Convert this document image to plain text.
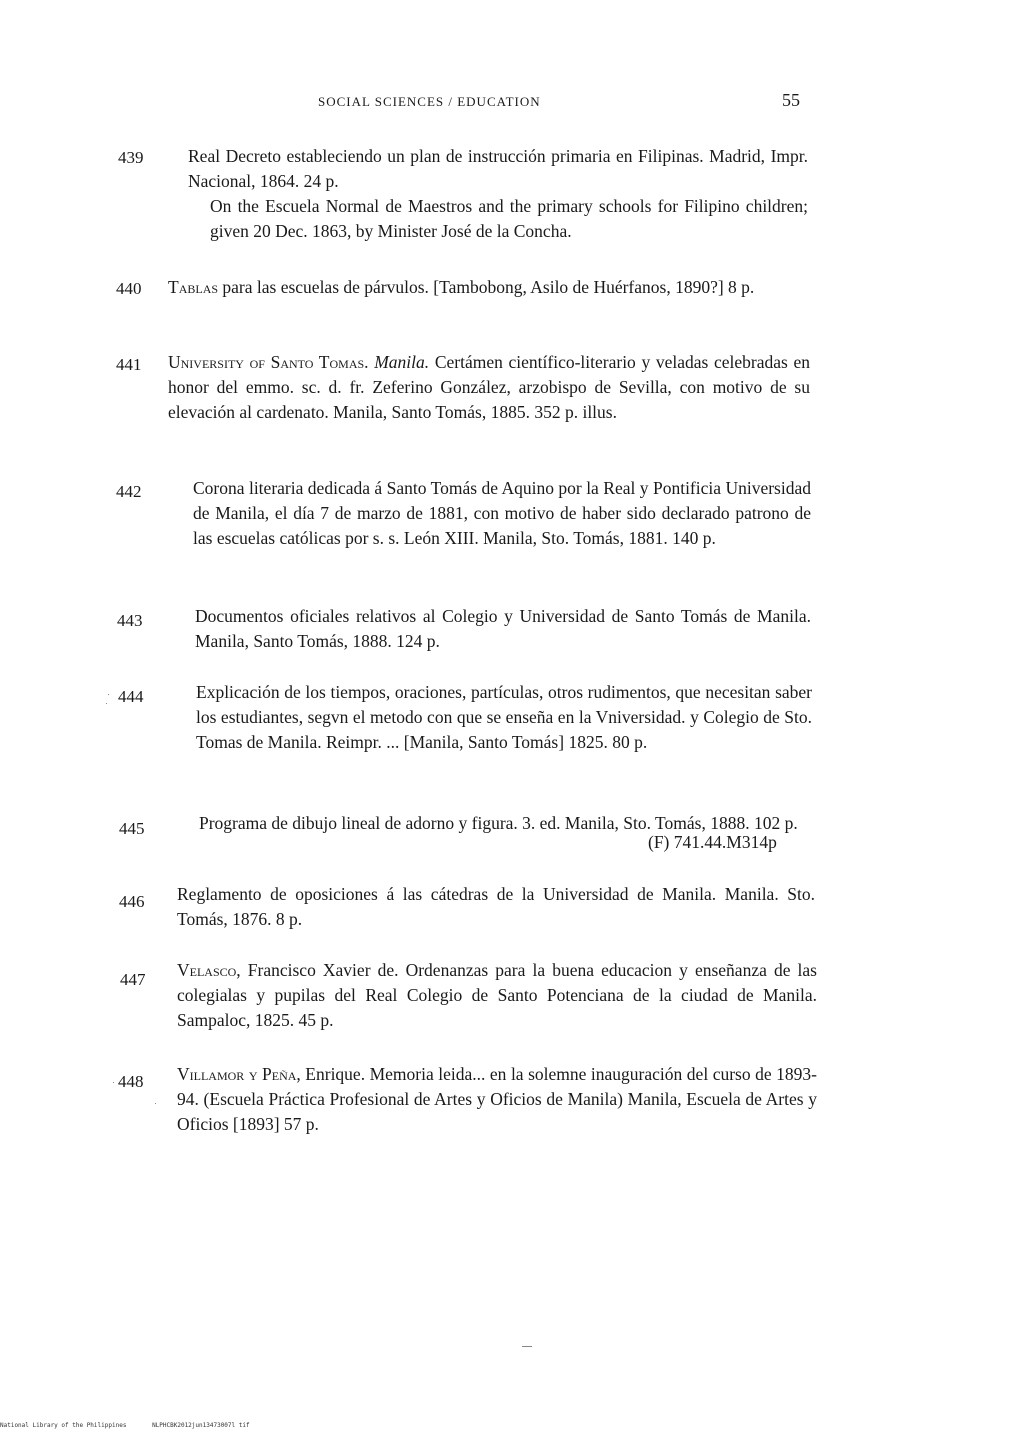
SOCIAL SCIENCES / EDUCATION	55
439	Real Decreto estableciendo un plan de instrucción primaria en Filipinas. Madrid, Impr. Nacional, 1864. 24 p.
On the Escuela Normal de Maestros and the primary schools for Filipino children; given 20 Dec. 1863, by Minister José de la Concha.
440 Tablas para las escuelas de párvulos. [Tambobong, Asilo de Huérfanos, 1890?] 8 p.
441 University of Santo Tomas. Manila. Certámen científico-literario y veladas celebradas en honor del emmo. sc. d. fr. Zeferino González, arzobispo de Sevilla, con motivo de su elevación al cardenato. Manila, Santo Tomás, 1885. 352 p. illus.
442	Corona literaria dedicada á Santo Tomás de Aquino por la Real y Pontificia Universidad de Manila, el día 7 de marzo de 1881, con motivo de haber sido declarado patrono de las escuelas católicas por s. s. León XIII. Manila, Sto. Tomás, 1881. 140 p.
443	Documentos oficiales relativos al Colegio y Universidad de Santo Tomás de Manila. Manila, Santo Tomás, 1888. 124 p.
444	Explicación de los tiempos, oraciones, partículas, otros rudimentos, que necesitan saber los estudiantes, segvn el metodo con que se enseña en la Vniversidad. y Colegio de Sto. Tomas de Manila. Reimpr. ... [Manila, Santo Tomás] 1825. 80 p.
445	Programa de dibujo lineal de adorno y figura. 3. ed. Manila, Sto. Tomás, 1888. 102 p.
(F) 741.44.M314p
446 Reglamento de oposiciones á las cátedras de la Universidad de Manila. Manila. Sto. Tomás, 1876. 8 p.
447 Velasco, Francisco Xavier de. Ordenanzas para la buena educacion y enseñanza de las colegialas y pupilas del Real Colegio de Santo Potenciana de la ciudad de Manila. Sampaloc, 1825. 45 p.
448 Villamor y Peña, Enrique. Memoria leida... en la solemne inauguración del curso de 1893-94. (Escuela Práctica Profesional de Artes y Oficios de Manila) Manila, Escuela de Artes y Oficios [1893] 57 p.
National Library of the Philippines	NLPHCBK2012jun13473007l tif
